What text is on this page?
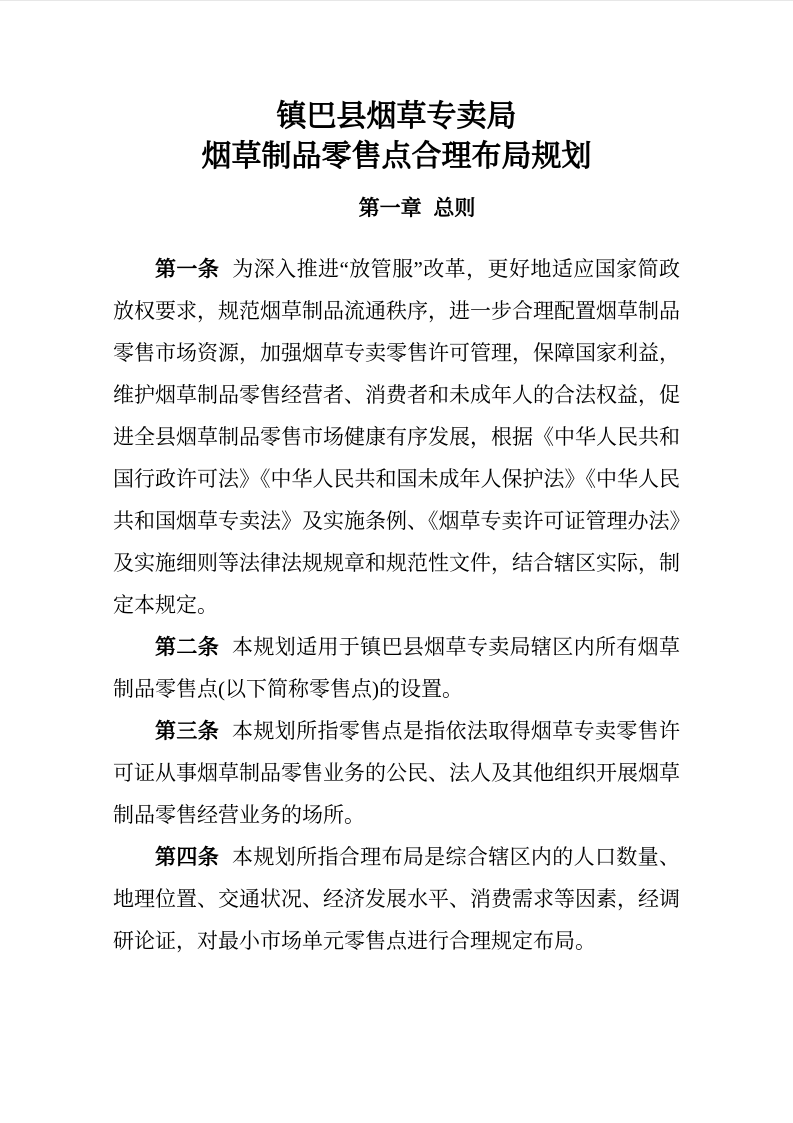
镇巴县烟草专卖局
烟草制品零售点合理布局规划
第一章 总则

第一条 为深入推进“放管服”改革，更好地适应国家简政放权要求，规范烟草制品流通秩序，进一步合理配置烟草制品零售市场资源，加强烟草专卖零售许可管理，保障国家利益，维护烟草制品零售经营者、消费者和未成年人的合法权益，促进全县烟草制品零售市场健康有序发展，根据《中华人民共和国行政许可法》《中华人民共和国未成年人保护法》《中华人民共和国烟草专卖法》及实施条例、《烟草专卖许可证管理办法》及实施细则等法律法规规章和规范性文件，结合辖区实际，制定本规定。

第二条 本规划适用于镇巴县烟草专卖局辖区内所有烟草制品零售点(以下简称零售点)的设置。

第三条 本规划所指零售点是指依法取得烟草专卖零售许可证从事烟草制品零售业务的公民、法人及其他组织开展烟草制品零售经营业务的场所。

第四条 本规划所指合理布局是综合辖区内的人口数量、地理位置、交通状况、经济发展水平、消费需求等因素，经调研论证，对最小市场单元零售点进行合理规定布局。
